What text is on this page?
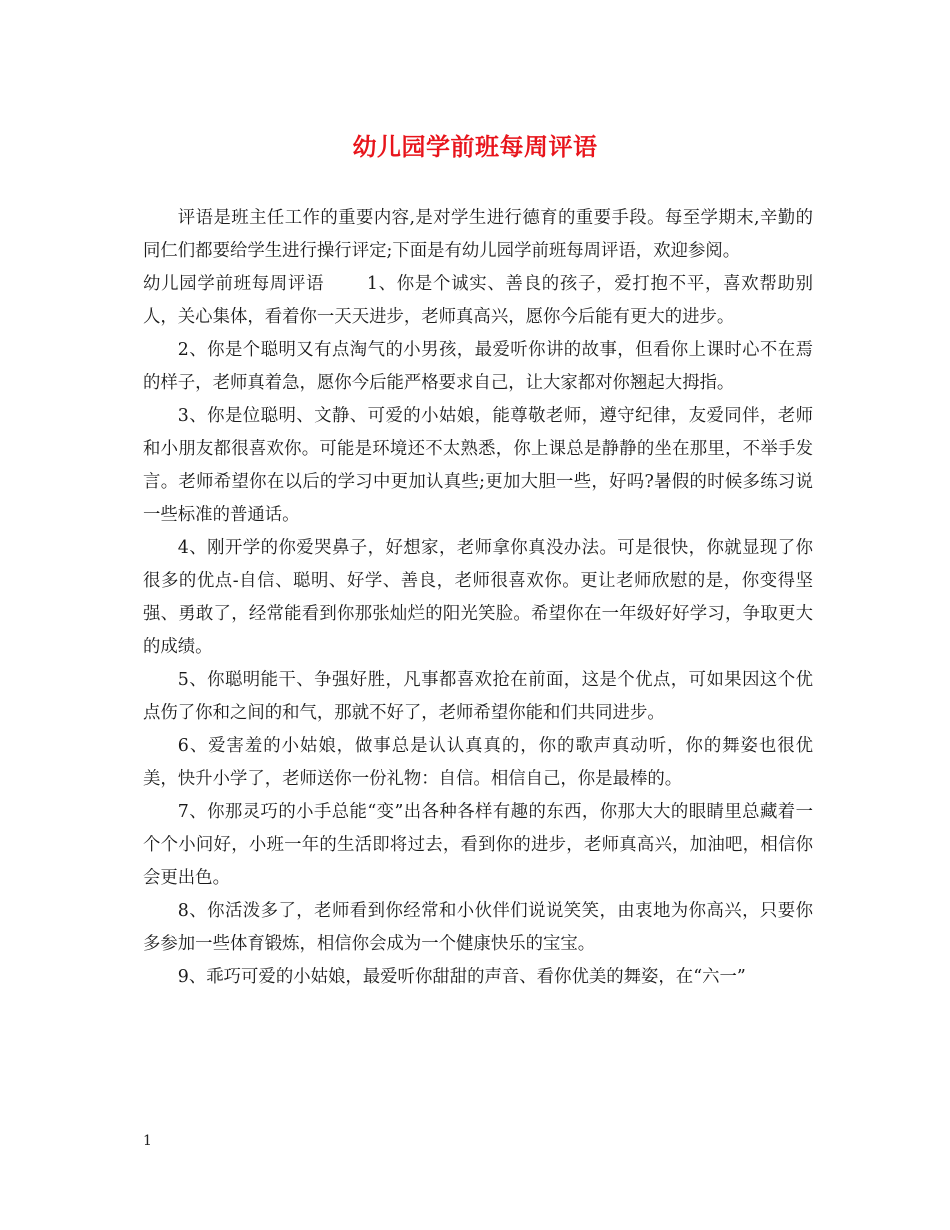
幼儿园学前班每周评语

评语是班主任工作的重要内容,是对学生进行德育的重要手段。每至学期末,辛勤的同仁们都要给学生进行操行评定;下面是有幼儿园学前班每周评语，欢迎参阅。

幼儿园学前班每周评语　　 1、你是个诚实、善良的孩子，爱打抱不平，喜欢帮助别人，关心集体，看着你一天天进步，老师真高兴，愿你今后能有更大的进步。

2、你是个聪明又有点淘气的小男孩，最爱听你讲的故事，但看你上课时心不在焉的样子，老师真着急，愿你今后能严格要求自己，让大家都对你翘起大拇指。

3、你是位聪明、文静、可爱的小姑娘，能尊敬老师，遵守纪律，友爱同伴，老师和小朋友都很喜欢你。可能是环境还不太熟悉，你上课总是静静的坐在那里，不举手发言。老师希望你在以后的学习中更加认真些;更加大胆一些，好吗?暑假的时候多练习说一些标准的普通话。

4、刚开学的你爱哭鼻子，好想家，老师拿你真没办法。可是很快，你就显现了你很多的优点-自信、聪明、好学、善良，老师很喜欢你。更让老师欣慰的是，你变得坚强、勇敢了，经常能看到你那张灿烂的阳光笑脸。希望你在一年级好好学习，争取更大的成绩。

5、你聪明能干、争强好胜，凡事都喜欢抢在前面，这是个优点，可如果因这个优点伤了你和之间的和气，那就不好了，老师希望你能和们共同进步。

6、爱害羞的小姑娘，做事总是认认真真的，你的歌声真动听，你的舞姿也很优美，快升小学了，老师送你一份礼物：自信。相信自己，你是最棒的。

7、你那灵巧的小手总能“变”出各种各样有趣的东西，你那大大的眼睛里总藏着一个个小问好，小班一年的生活即将过去，看到你的进步，老师真高兴，加油吧，相信你会更出色。

8、你活泼多了，老师看到你经常和小伙伴们说说笑笑，由衷地为你高兴，只要你多参加一些体育锻炼，相信你会成为一个健康快乐的宝宝。

9、乖巧可爱的小姑娘，最爱听你甜甜的声音、看你优美的舞姿，在“六一”

1
